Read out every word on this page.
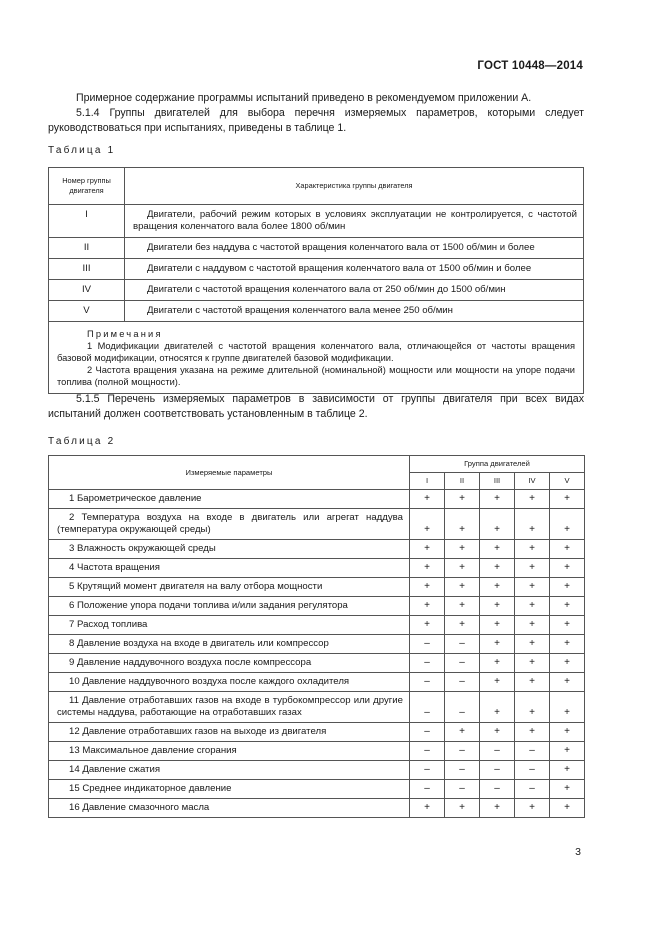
ГОСТ 10448—2014
Примерное содержание программы испытаний приведено в рекомендуемом приложении А.
5.1.4 Группы двигателей для выбора перечня измеряемых параметров, которыми следует руководствоваться при испытаниях, приведены в таблице 1.
Таблица 1
Номер группы двигателя	Характеристика группы двигателя
I	Двигатели, рабочий режим которых в условиях эксплуатации не контролируется, с частотой вращения коленчатого вала более 1800 об/мин

II	Двигатели без наддува с частотой вращения коленчатого вала от 1500 об/мин и более

III	Двигатели с наддувом с частотой вращения коленчатого вала от 1500 об/мин и более

IV	Двигатели с частотой вращения коленчатого вала от 250 об/мин до 1500 об/мин

V	Двигатели с частотой вращения коленчатого вала менее 250 об/мин

Примечания
1 Модификации двигателей с частотой вращения коленчатого вала, отличающейся от частоты вращения базовой модификации, относятся к группе двигателей базовой модификации.
2 Частота вращения указана на режиме длительной (номинальной) мощности или мощности на упоре подачи топлива (полной мощности).	
5.1.5 Перечень измеряемых параметров в зависимости от группы двигателя при всех видах испытаний должен соответствовать установленным в таблице 2.
Таблица 2
Измеряемые параметры	Группа двигателей				
	I	II	III	IV	V

1 Барометрическое давление	+	+	+	+	+

2 Температура воздуха на входе в двигатель или агрегат наддува (температура окружающей среды)	+	+	+	+	+

3 Влажность окружающей среды	+	+	+	+	+

4 Частота вращения	+	+	+	+	+

5 Крутящий момент двигателя на валу отбора мощности	+	+	+	+	+

6 Положение упора подачи топлива и/или задания регулятора	+	+	+	+	+

7 Расход топлива	+	+	+	+	+

8 Давление воздуха на входе в двигатель или компрессор	–	–	+	+	+

9 Давление наддувочного воздуха после компрессора	–	–	+	+	+

10 Давление наддувочного воздуха после каждого охладителя	–	–	+	+	+

11 Давление отработавших газов на входе в турбокомпрессор или другие системы наддува, работающие на отработавших газах	–	–	+	+	+

12 Давление отработавших газов на выходе из двигателя	–	+	+	+	+

13 Максимальное давление сгорания	–	–	–	–	+

14 Давление сжатия	–	–	–	–	+

15 Среднее индикаторное давление	–	–	–	–	+

16 Давление смазочного масла	+	+	+	+	+
3
